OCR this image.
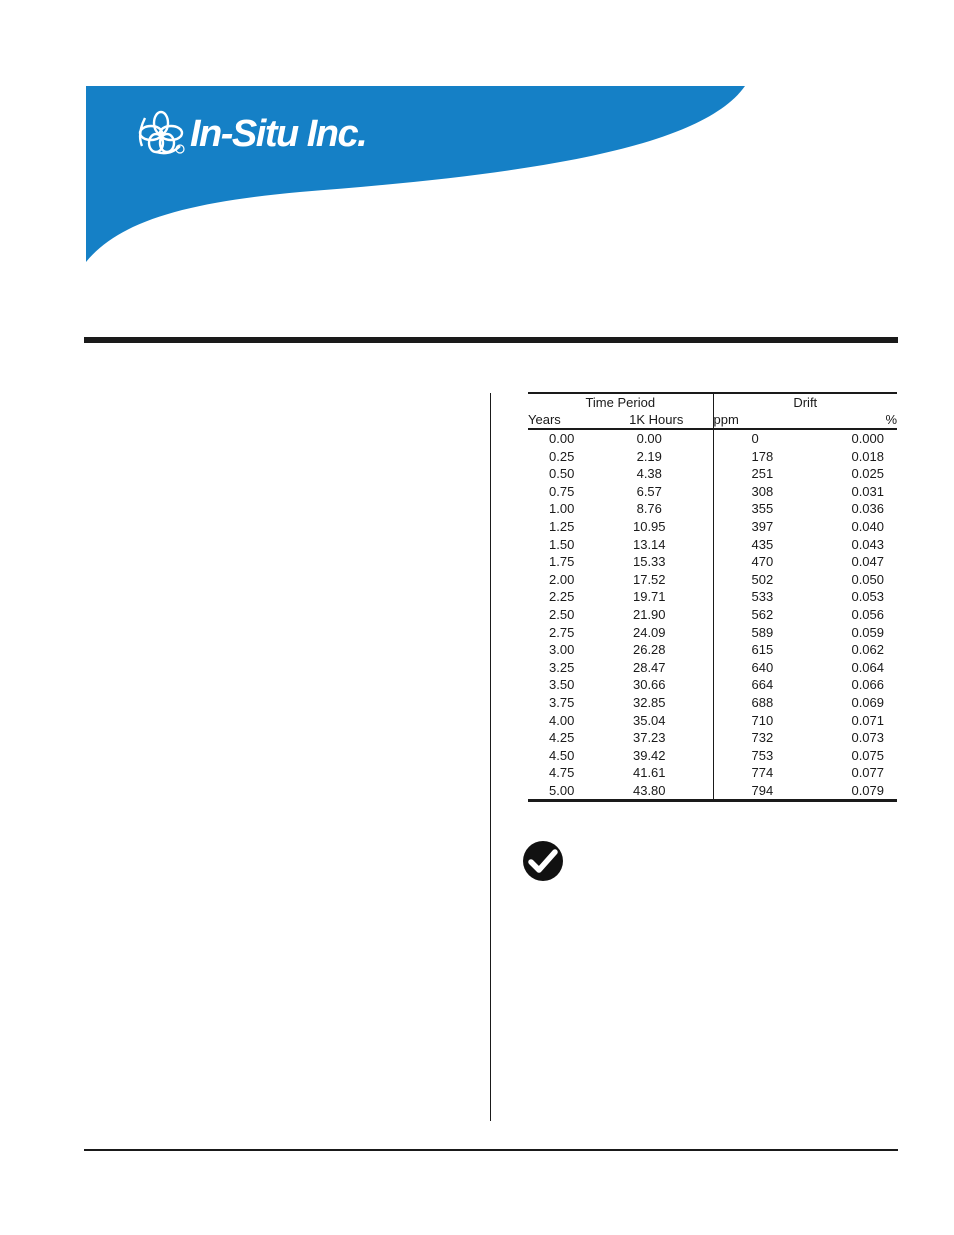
In-Situ Inc.
Time Period		Drift	
Years	1K Hours	ppm	%
0.00	0.00	0	0.000
0.25	2.19	178	0.018
0.50	4.38	251	0.025
0.75	6.57	308	0.031
1.00	8.76	355	0.036
1.25	10.95	397	0.040
1.50	13.14	435	0.043
1.75	15.33	470	0.047
2.00	17.52	502	0.050
2.25	19.71	533	0.053
2.50	21.90	562	0.056
2.75	24.09	589	0.059
3.00	26.28	615	0.062
3.25	28.47	640	0.064
3.50	30.66	664	0.066
3.75	32.85	688	0.069
4.00	35.04	710	0.071
4.25	37.23	732	0.073
4.50	39.42	753	0.075
4.75	41.61	774	0.077
5.00	43.80	794	0.079
